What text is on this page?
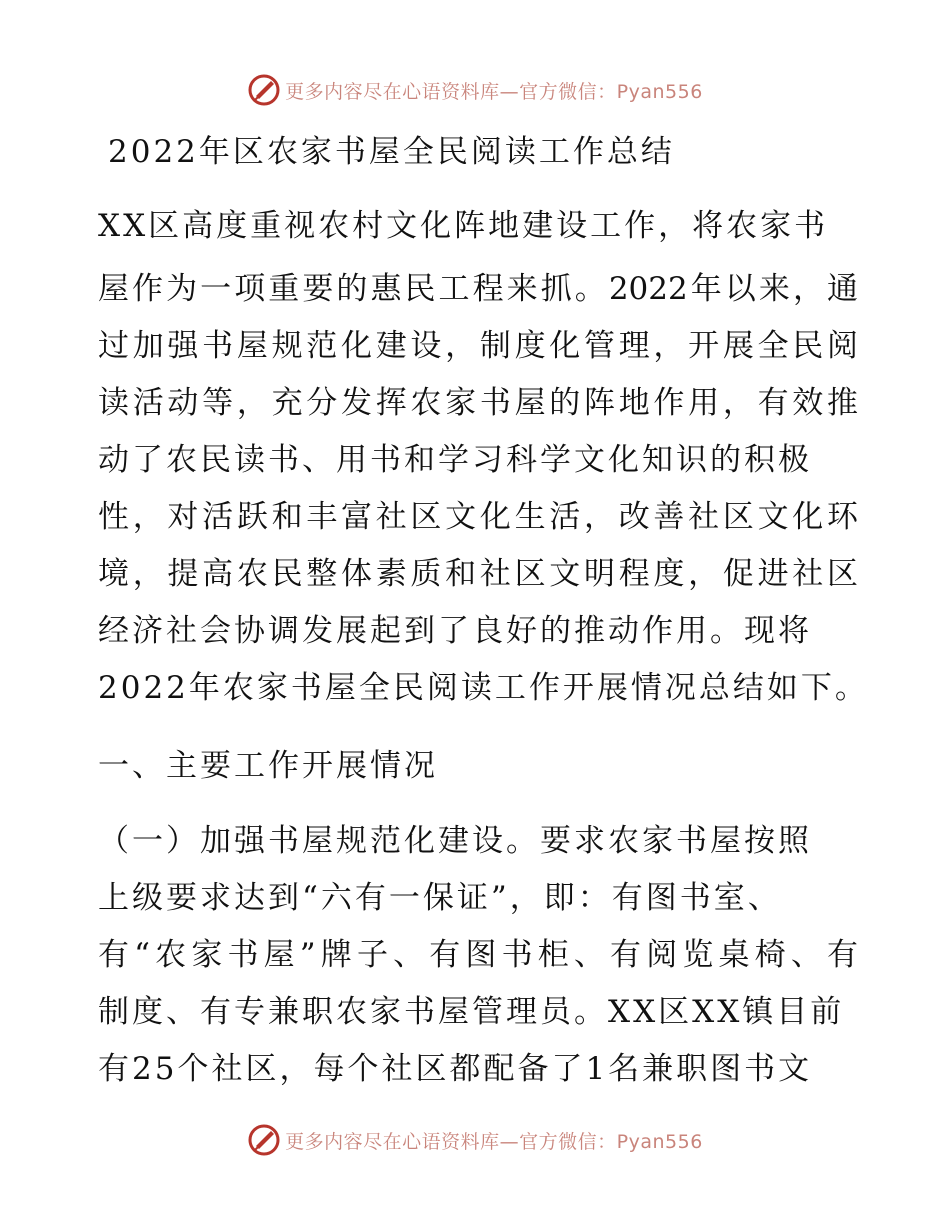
更多内容尽在心语资料库—官方微信：Pyan556
2022年区农家书屋全民阅读工作总结

XX区高度重视农村文化阵地建设工作，将农家书

屋作为一项重要的惠民工程来抓。2022年以来，通

过加强书屋规范化建设，制度化管理，开展全民阅

读活动等，充分发挥农家书屋的阵地作用，有效推

动了农民读书、用书和学习科学文化知识的积极

性，对活跃和丰富社区文化生活，改善社区文化环

境，提高农民整体素质和社区文明程度，促进社区

经济社会协调发展起到了良好的推动作用。现将

2022年农家书屋全民阅读工作开展情况总结如下。

一、主要工作开展情况

（一）加强书屋规范化建设。要求农家书屋按照

上级要求达到“六有一保证”，即：有图书室、

有“农家书屋”牌子、有图书柜、有阅览桌椅、有

制度、有专兼职农家书屋管理员。XX区XX镇目前

有25个社区，每个社区都配备了1名兼职图书文

更多内容尽在心语资料库—官方微信：Pyan556
